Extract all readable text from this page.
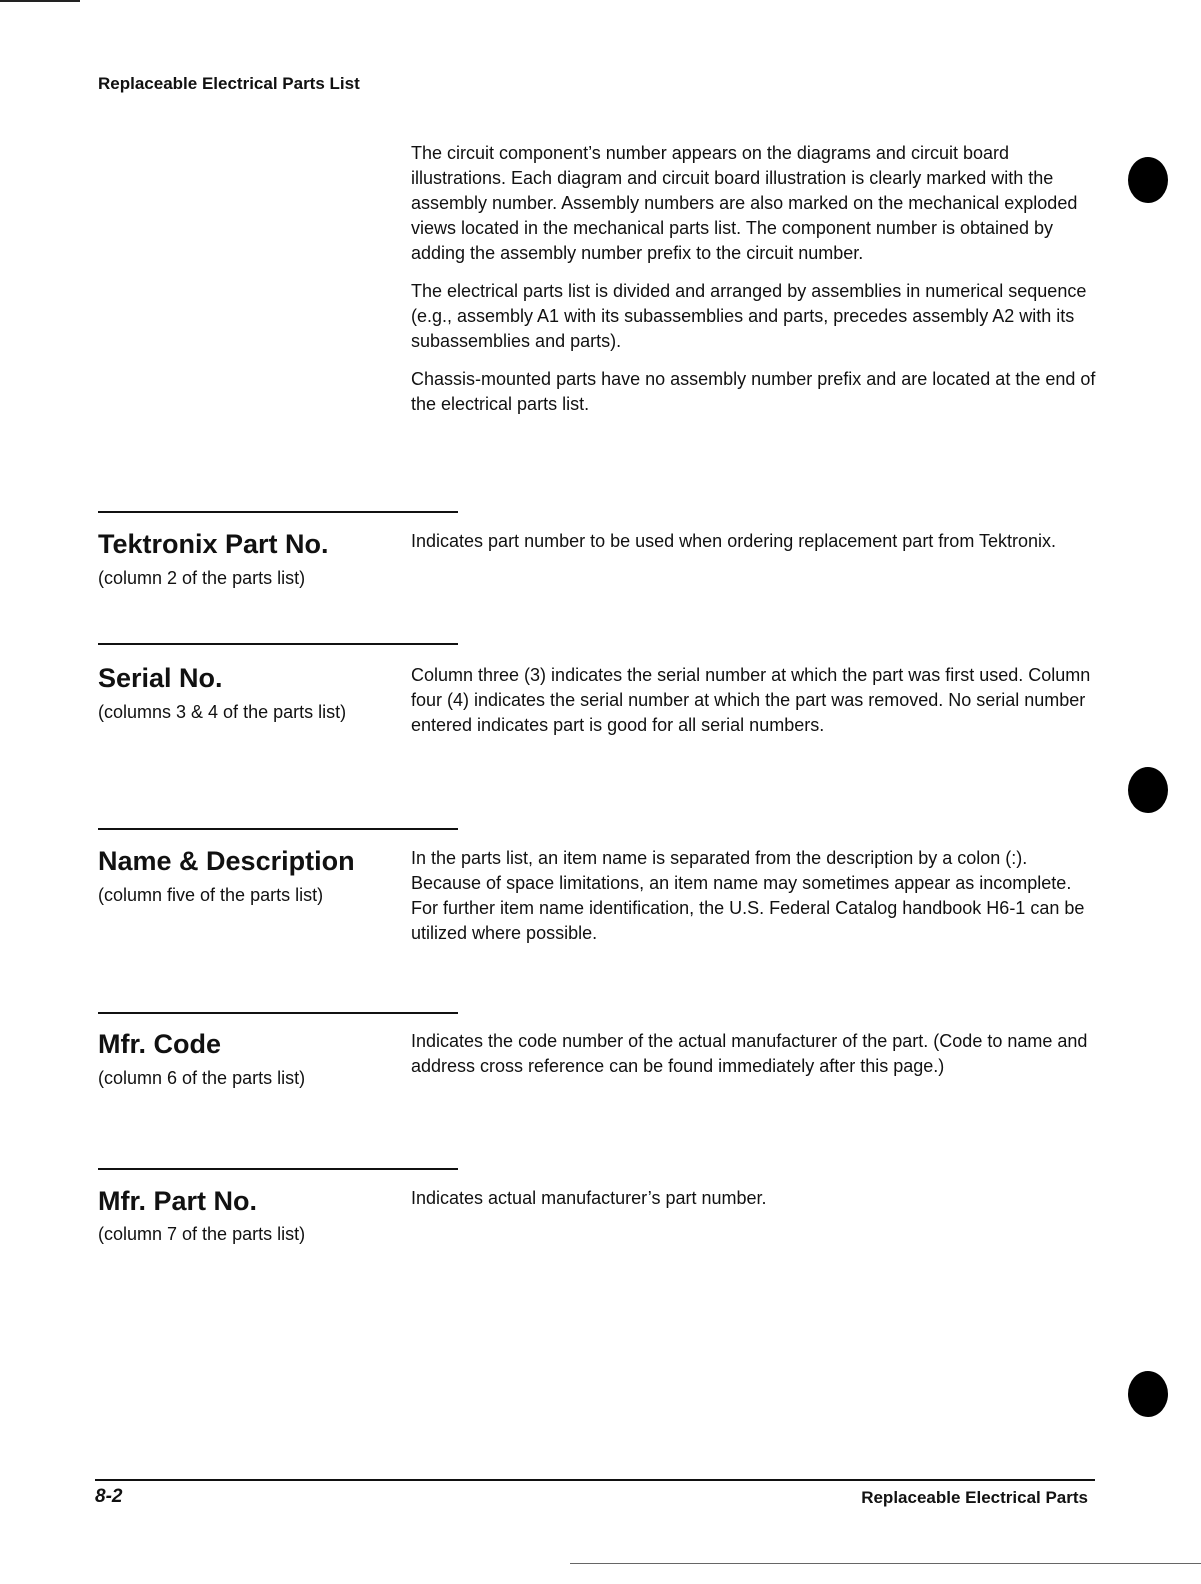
Replaceable Electrical Parts List

The circuit component’s number appears on the diagrams and circuit board illustrations. Each diagram and circuit board illustration is clearly marked with the assembly number. Assembly numbers are also marked on the mechanical exploded views located in the mechanical parts list. The component number is obtained by adding the assembly number prefix to the circuit number.

The electrical parts list is divided and arranged by assemblies in numerical sequence (e.g., assembly A1 with its subassemblies and parts, precedes assembly A2 with its subassemblies and parts).

Chassis-mounted parts have no assembly number prefix and are located at the end of the electrical parts list.

Tektronix Part No.
(column 2 of the parts list)
Indicates part number to be used when ordering replacement part from Tektronix.
Serial No.
(columns 3 & 4 of the parts list)
Column three (3) indicates the serial number at which the part was first used. Column four (4) indicates the serial number at which the part was removed. No serial number entered indicates part is good for all serial numbers.
Name & Description
(column five of the parts list)
In the parts list, an item name is separated from the description by a colon (:). Because of space limitations, an item name may sometimes appear as incomplete. For further item name identification, the U.S. Federal Catalog handbook H6-1 can be utilized where possible.
Mfr. Code
(column 6 of the parts list)
Indicates the code number of the actual manufacturer of the part. (Code to name and address cross reference can be found immediately after this page.)
Mfr. Part No.
(column 7 of the parts list)
Indicates actual manufacturer’s part number.
8-2	Replaceable Electrical Parts
